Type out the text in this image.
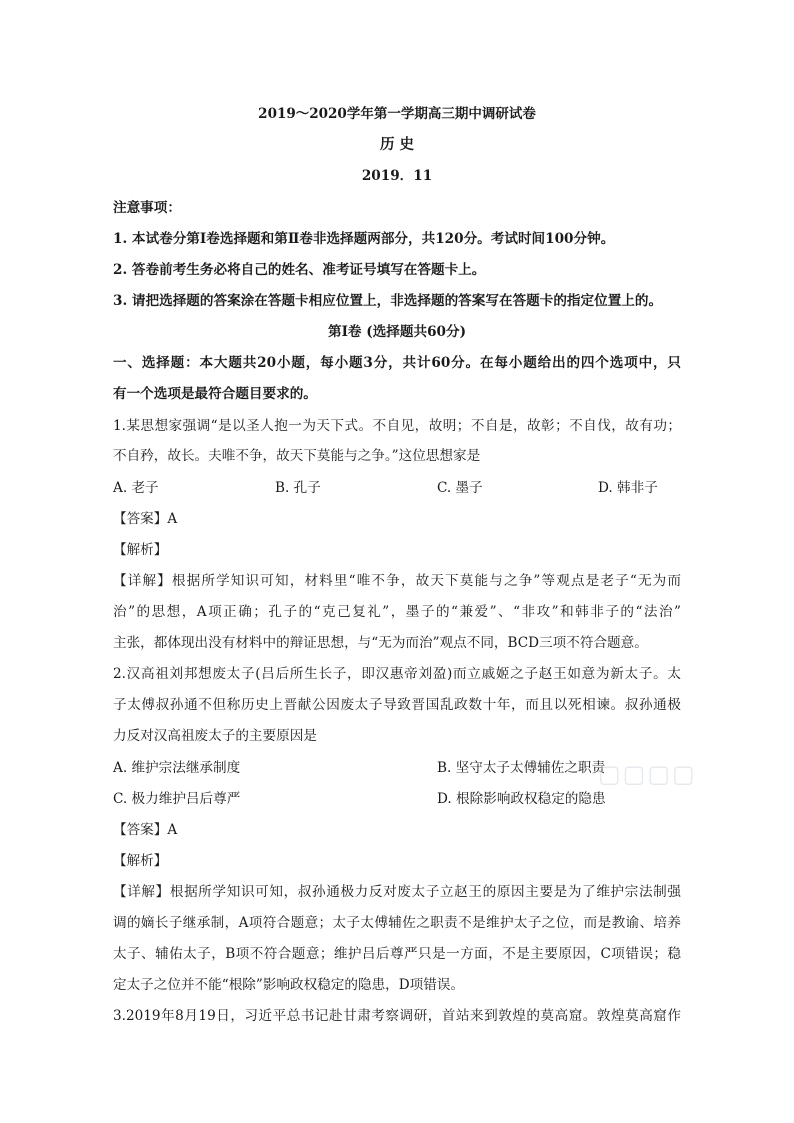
2019～2020学年第一学期高三期中调研试卷
历 史
2019．11
注意事项：
1. 本试卷分第Ⅰ卷选择题和第Ⅱ卷非选择题两部分，共120分。考试时间100分钟。
2. 答卷前考生务必将自己的姓名、准考证号填写在答题卡上。
3. 请把选择题的答案涂在答题卡相应位置上，非选择题的答案写在答题卡的指定位置上的。
第Ⅰ卷 (选择题共60分)
一、选择题：本大题共20小题，每小题3分，共计60分。在每小题给出的四个选项中，只
有一个选项是最符合题目要求的。
1.某思想家强调“是以圣人抱一为天下式。不自见，故明；不自是，故彰；不自伐，故有功；
不自矜，故长。夫唯不争，故天下莫能与之争。”这位思想家是
A. 老子	B. 孔子	C. 墨子	D. 韩非子
【答案】A
【解析】
【详解】根据所学知识可知，材料里“唯不争，故天下莫能与之争”等观点是老子“无为而
治”的思想，A项正确；孔子的“克己复礼”，墨子的“兼爱”、“非攻”和韩非子的“法治”
主张，都体现出没有材料中的辩证思想，与“无为而治”观点不同，BCD三项不符合题意。
2.汉高祖刘邦想废太子(吕后所生长子，即汉惠帝刘盈)而立戚姬之子赵王如意为新太子。太
子太傅叔孙通不但称历史上晋献公因废太子导致晋国乱政数十年，而且以死相谏。叔孙通极
力反对汉高祖废太子的主要原因是
A. 维护宗法继承制度	B. 坚守太子太傅辅佐之职责
C. 极力维护吕后尊严	D. 根除影响政权稳定的隐患
【答案】A
【解析】
【详解】根据所学知识可知，叔孙通极力反对废太子立赵王的原因主要是为了维护宗法制强
调的嫡长子继承制，A项符合题意；太子太傅辅佐之职责不是维护太子之位，而是教谕、培养
太子、辅佑太子，B项不符合题意；维护吕后尊严只是一方面，不是主要原因，C项错误；稳
定太子之位并不能“根除”影响政权稳定的隐患，D项错误。
3.2019年8月19日，习近平总书记赴甘肃考察调研，首站来到敦煌的莫高窟。敦煌莫高窟作
▢▢▢▢
